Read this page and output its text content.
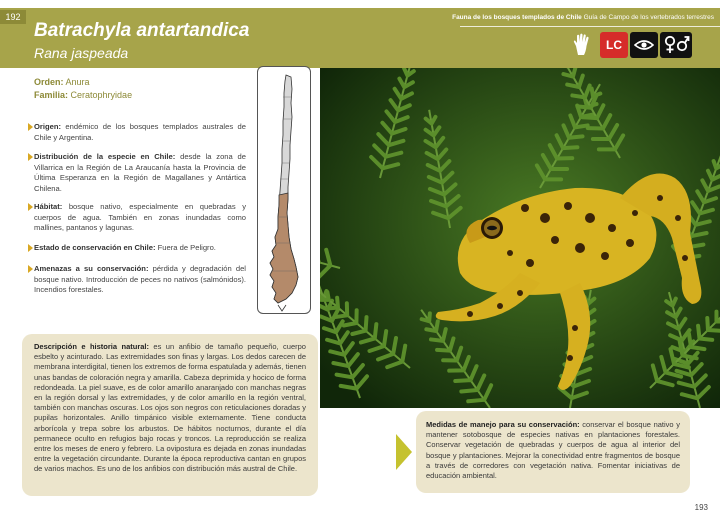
192
Batrachyla antartandica
Rana jaspeada
Fauna de los bosques templados de Chile Guía de Campo de los vertebrados terrestres
LC
Orden: Anura
Familia: Ceratophryidae
Origen: endémico de los bosques templados australes de Chile y Argentina.
Distribución de la especie en Chile: desde la zona de Villarrica en la Región de La Araucanía hasta la Provincia de Última Esperanza en la Región de Magallanes y Antártica Chilena.
Hábitat: bosque nativo, especialmente en quebradas y cuerpos de agua. También en zonas inundadas como mallines, pantanos y lagunas.
Estado de conservación en Chile: Fuera de Peligro.
Amenazas a su conservación: pérdida y degradación del bosque nativo. Introducción de peces no nativos (salmónidos). Incendios forestales.
Descripción e historia natural: es un anfibio de tamaño pequeño, cuerpo esbelto y acinturado. Las extremidades son finas y largas. Los dedos carecen de membrana interdigital, tienen los extremos de forma espatulada y además, tienen unas bandas de coloración negra y amarilla. Cabeza deprimida y hocico de forma redondeada. La piel suave, es de color amarillo anaranjado con manchas negras en la región dorsal y las extremidades, y de color amarillo en la región ventral, también con manchas oscuras. Los ojos son negros con reticulaciones doradas y pupilas horizontales. Anillo timpánico visible externamente. Tiene conducta arborícola y trepa sobre los arbustos. De hábitos nocturnos, durante el día permanece oculto en refugios bajo rocas y troncos. La reproducción se realiza entre los meses de enero y febrero. La ovipostura es dejada en zonas inundadas entre la vegetación circundante. Durante la época reproductiva cantan en grupos de varios machos. Es uno de los anfibios con distribución más austral de Chile.
Medidas de manejo para su conservación: conservar el bosque nativo y mantener sotobosque de especies nativas en plantaciones forestales. Conservar vegetación de quebradas y cuerpos de agua al interior del bosque y plantaciones. Mejorar la conectividad entre fragmentos de bosque a través de corredores con vegetación nativa. Fomentar iniciativas de educación ambiental.
193
